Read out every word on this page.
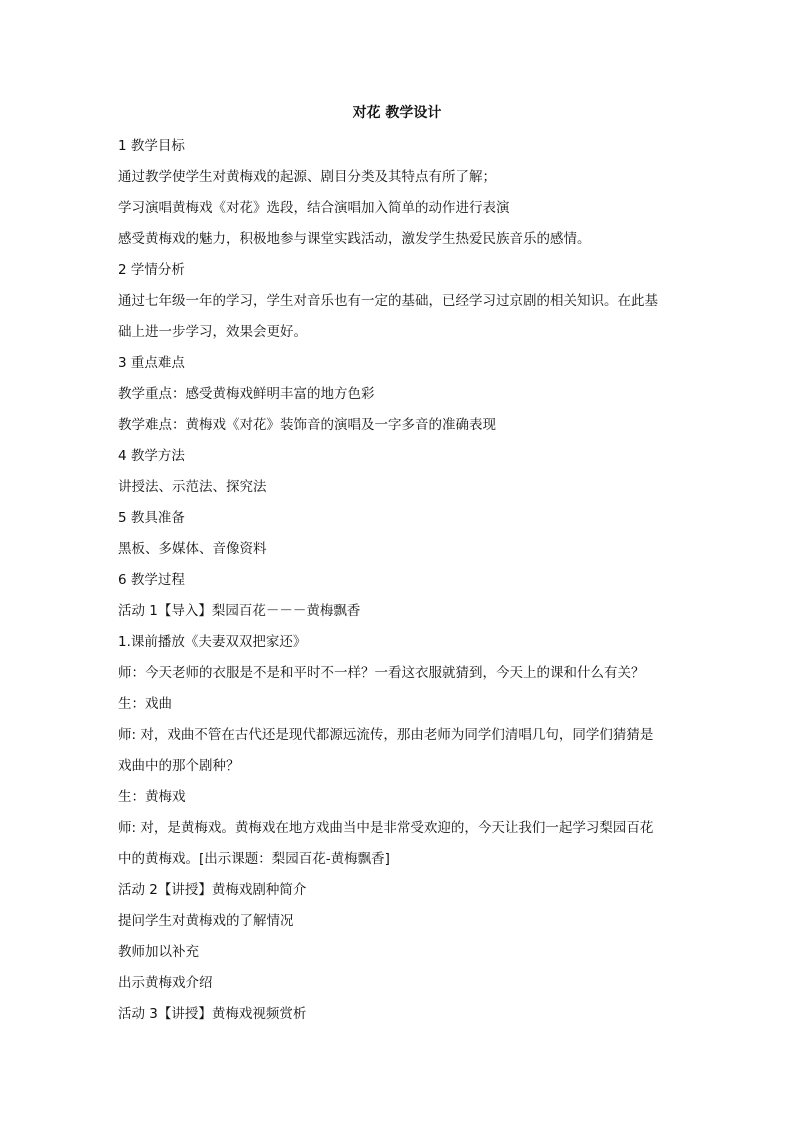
对花 教学设计
1 教学目标
通过教学使学生对黄梅戏的起源、剧目分类及其特点有所了解；
学习演唱黄梅戏《对花》选段，结合演唱加入简单的动作进行表演
感受黄梅戏的魅力，积极地参与课堂实践活动，激发学生热爱民族音乐的感情。
2 学情分析
通过七年级一年的学习，学生对音乐也有一定的基础，已经学习过京剧的相关知识。在此基
础上进一步学习，效果会更好。
3 重点难点
教学重点：感受黄梅戏鲜明丰富的地方色彩
教学难点：黄梅戏《对花》装饰音的演唱及一字多音的准确表现
4 教学方法
讲授法、示范法、探究法
5 教具准备
黑板、多媒体、音像资料
6 教学过程
活动 1【导入】梨园百花－－－黄梅飘香
1.课前播放《夫妻双双把家还》
师：今天老师的衣服是不是和平时不一样？一看这衣服就猜到，今天上的课和什么有关？
生：戏曲
师: 对，戏曲不管在古代还是现代都源远流传，那由老师为同学们清唱几句，同学们猜猜是
戏曲中的那个剧种？
生：黄梅戏
师: 对，是黄梅戏。黄梅戏在地方戏曲当中是非常受欢迎的，今天让我们一起学习梨园百花
中的黄梅戏。[出示课题：梨园百花-黄梅飘香]
活动 2【讲授】黄梅戏剧种简介
提问学生对黄梅戏的了解情况
教师加以补充
出示黄梅戏介绍
活动 3【讲授】黄梅戏视频赏析
